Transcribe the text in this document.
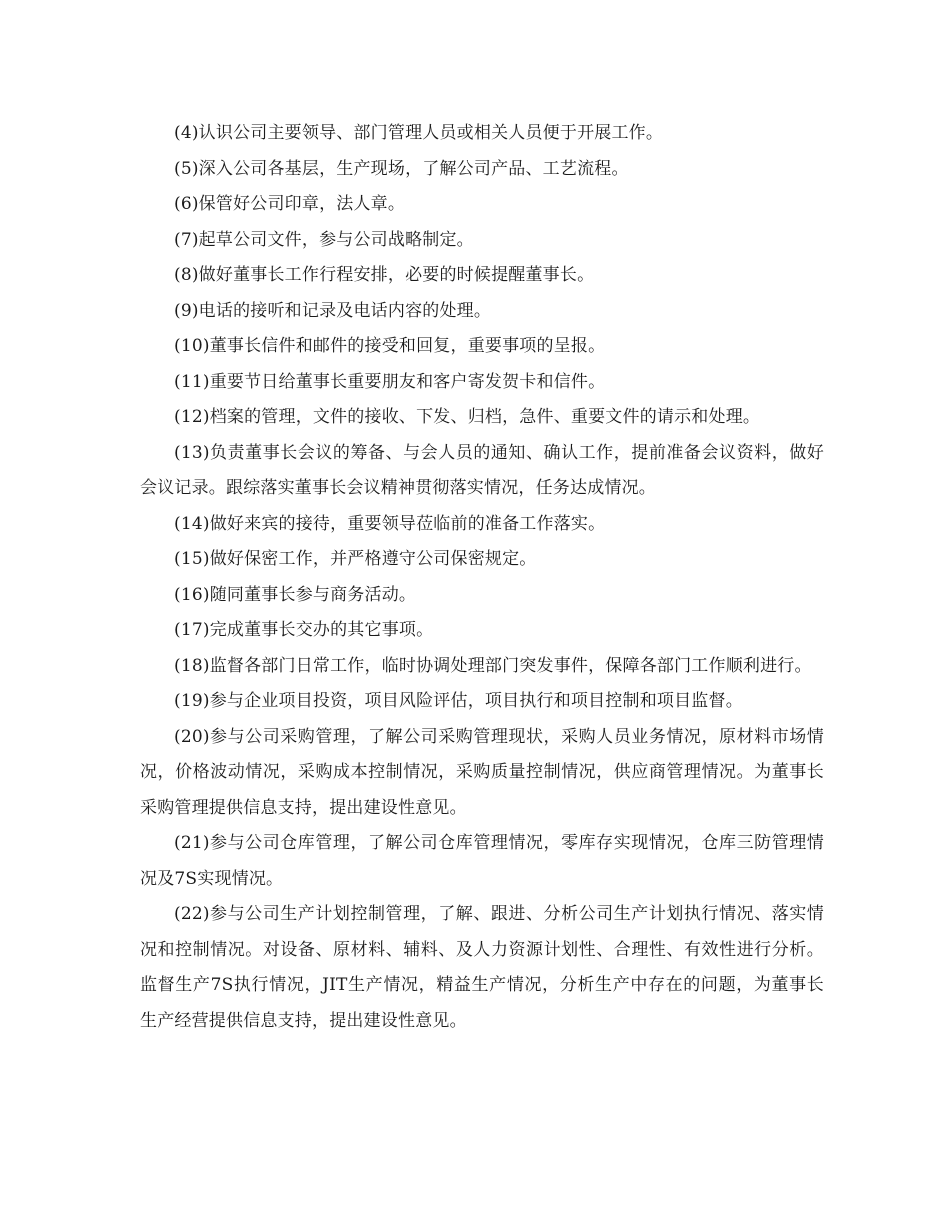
(4)认识公司主要领导、部门管理人员或相关人员便于开展工作。

(5)深入公司各基层，生产现场，了解公司产品、工艺流程。

(6)保管好公司印章，法人章。

(7)起草公司文件，参与公司战略制定。

(8)做好董事长工作行程安排，必要的时候提醒董事长。

(9)电话的接听和记录及电话内容的处理。

(10)董事长信件和邮件的接受和回复，重要事项的呈报。

(11)重要节日给董事长重要朋友和客户寄发贺卡和信件。

(12)档案的管理，文件的接收、下发、归档，急件、重要文件的请示和处理。

(13)负责董事长会议的筹备、与会人员的通知、确认工作，提前准备会议资料，做好会议记录。跟综落实董事长会议精神贯彻落实情况，任务达成情况。

(14)做好来宾的接待，重要领导莅临前的准备工作落实。

(15)做好保密工作，并严格遵守公司保密规定。

(16)随同董事长参与商务活动。

(17)完成董事长交办的其它事项。

(18)监督各部门日常工作，临时协调处理部门突发事件，保障各部门工作顺利进行。

(19)参与企业项目投资，项目风险评估，项目执行和项目控制和项目监督。

(20)参与公司采购管理，了解公司采购管理现状，采购人员业务情况，原材料市场情况，价格波动情况，采购成本控制情况，采购质量控制情况，供应商管理情况。为董事长采购管理提供信息支持，提出建设性意见。

(21)参与公司仓库管理，了解公司仓库管理情况，零库存实现情况，仓库三防管理情况及7S实现情况。

(22)参与公司生产计划控制管理，了解、跟进、分析公司生产计划执行情况、落实情况和控制情况。对设备、原材料、辅料、及人力资源计划性、合理性、有效性进行分析。监督生产7S执行情况，JIT生产情况，精益生产情况，分析生产中存在的问题，为董事长生产经营提供信息支持，提出建设性意见。
